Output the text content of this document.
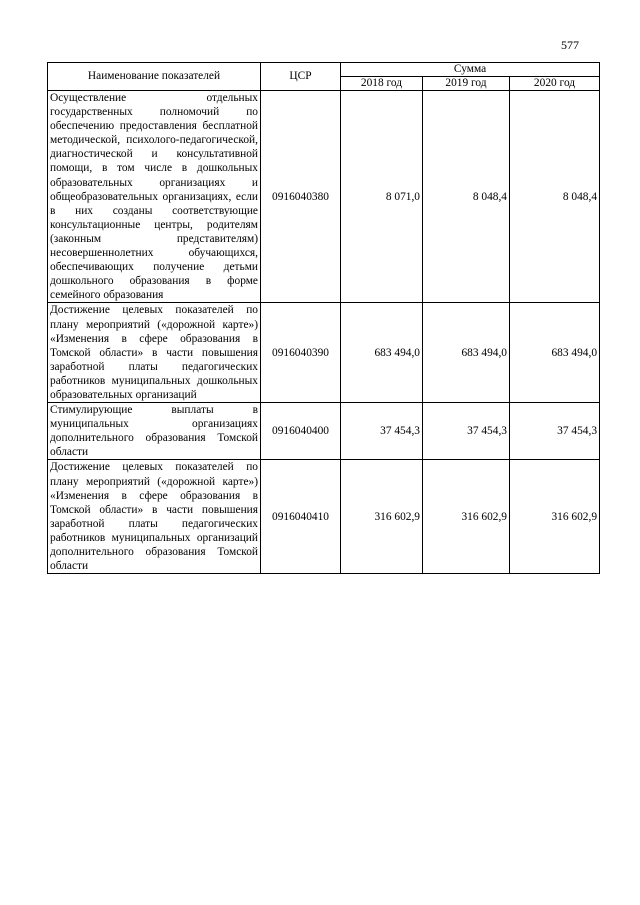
577
Наименование показателей	ЦСР	Сумма		
		2018 год	2019 год	2020 год
Осуществление отдельных государственных полномочий по обеспечению предоставления бесплатной методической, психолого-педагогической, диагностической и консультативной помощи, в том числе в дошкольных образовательных организациях и общеобразовательных организациях, если в них созданы соответствующие консультационные центры, родителям (законным представителям) несовершеннолетних обучающихся, обеспечивающих получение детьми дошкольного образования в форме семейного образования	0916040380	8 071,0	8 048,4	8 048,4
Достижение целевых показателей по плану мероприятий («дорожной карте») «Изменения в сфере образования в Томской области» в части повышения заработной платы педагогических работников муниципальных дошкольных образовательных организаций	0916040390	683 494,0	683 494,0	683 494,0
Стимулирующие выплаты в муниципальных организациях дополнительного образования Томской области	0916040400	37 454,3	37 454,3	37 454,3
Достижение целевых показателей по плану мероприятий («дорожной карте») «Изменения в сфере образования в Томской области» в части повышения заработной платы педагогических работников муниципальных организаций дополнительного образования Томской области	0916040410	316 602,9	316 602,9	316 602,9
